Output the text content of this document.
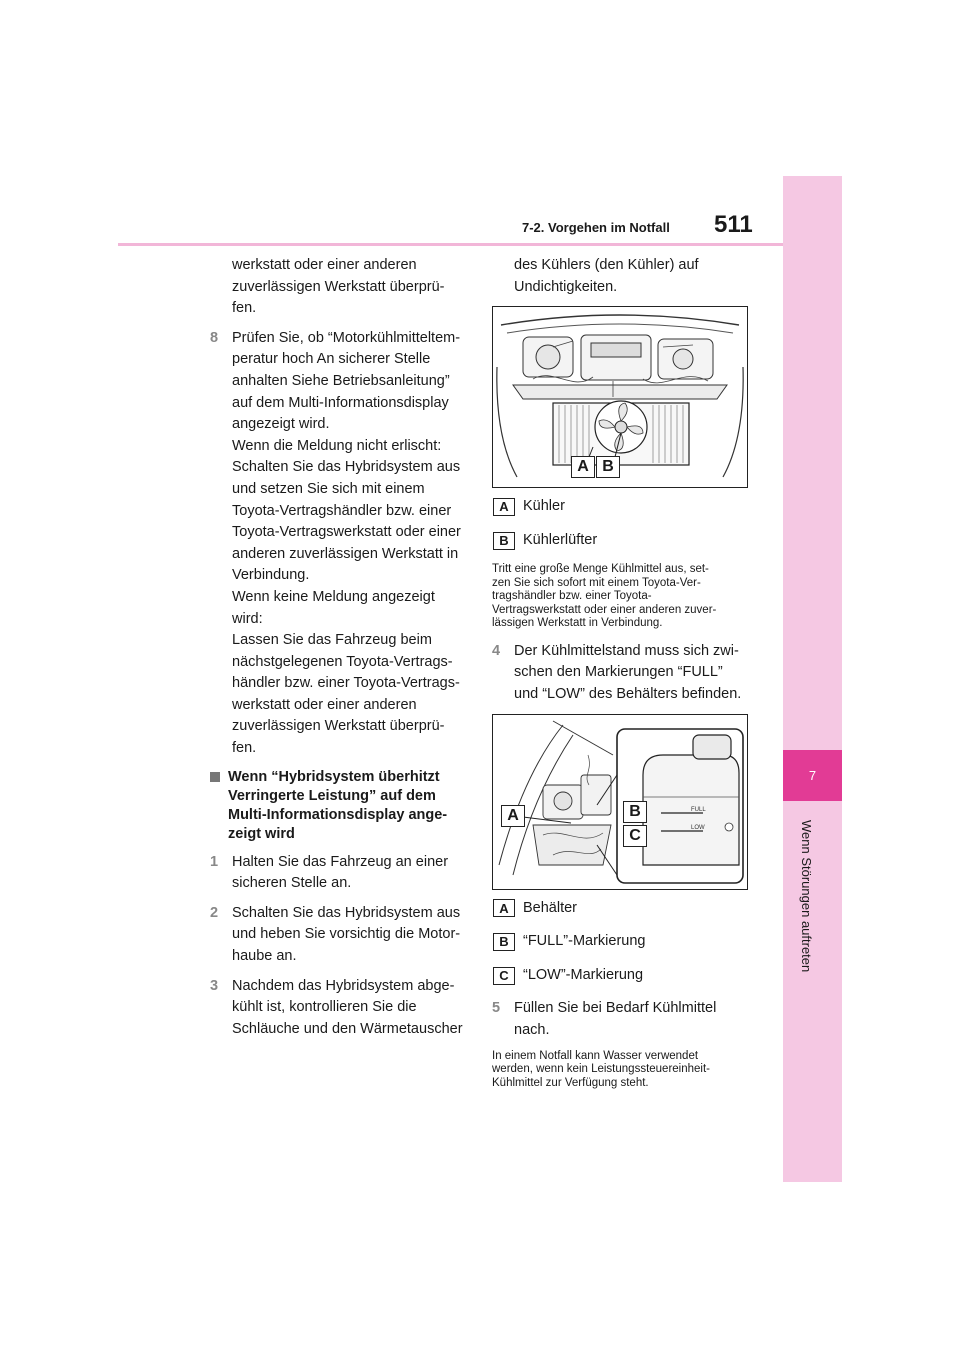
7-2. Vorgehen im Notfall 511
7
Wenn Störungen auftreten
werkstatt oder einer anderen
zuverlässigen Werkstatt überprü-
fen.
8 Prüfen Sie, ob “Motorkühlmitteltem-
peratur hoch An sicherer Stelle
anhalten Siehe Betriebsanleitung”
auf dem Multi-Informationsdisplay
angezeigt wird.
Wenn die Meldung nicht erlischt:
Schalten Sie das Hybridsystem aus
und setzen Sie sich mit einem
Toyota-Vertragshändler bzw. einer
Toyota-Vertragswerkstatt oder einer
anderen zuverlässigen Werkstatt in
Verbindung.
Wenn keine Meldung angezeigt
wird:
Lassen Sie das Fahrzeug beim
nächstgelegenen Toyota-Vertrags-
händler bzw. einer Toyota-Vertrags-
werkstatt oder einer anderen
zuverlässigen Werkstatt überprü-
fen.
Wenn “Hybridsystem überhitzt
Verringerte Leistung” auf dem
Multi-Informationsdisplay ange-
zeigt wird
1 Halten Sie das Fahrzeug an einer
sicheren Stelle an.
2 Schalten Sie das Hybridsystem aus
und heben Sie vorsichtig die Motor-
haube an.
3 Nachdem das Hybridsystem abge-
kühlt ist, kontrollieren Sie die
Schläuche und den Wärmetauscher
des Kühlers (den Kühler) auf
Undichtigkeiten.
A B
A Kühler
B Kühlerlüfter
Tritt eine große Menge Kühlmittel aus, set-
zen Sie sich sofort mit einem Toyota-Ver-
tragshändler bzw. einer Toyota-
Vertragswerkstatt oder einer anderen zuver-
lässigen Werkstatt in Verbindung.
4 Der Kühlmittelstand muss sich zwi-
schen den Markierungen “FULL”
und “LOW” des Behälters befinden.
FULL
LOW
A	B
C
A Behälter
B “FULL”-Markierung
C “LOW”-Markierung
5 Füllen Sie bei Bedarf Kühlmittel
nach.
In einem Notfall kann Wasser verwendet
werden, wenn kein Leistungssteuereinheit-
Kühlmittel zur Verfügung steht.
